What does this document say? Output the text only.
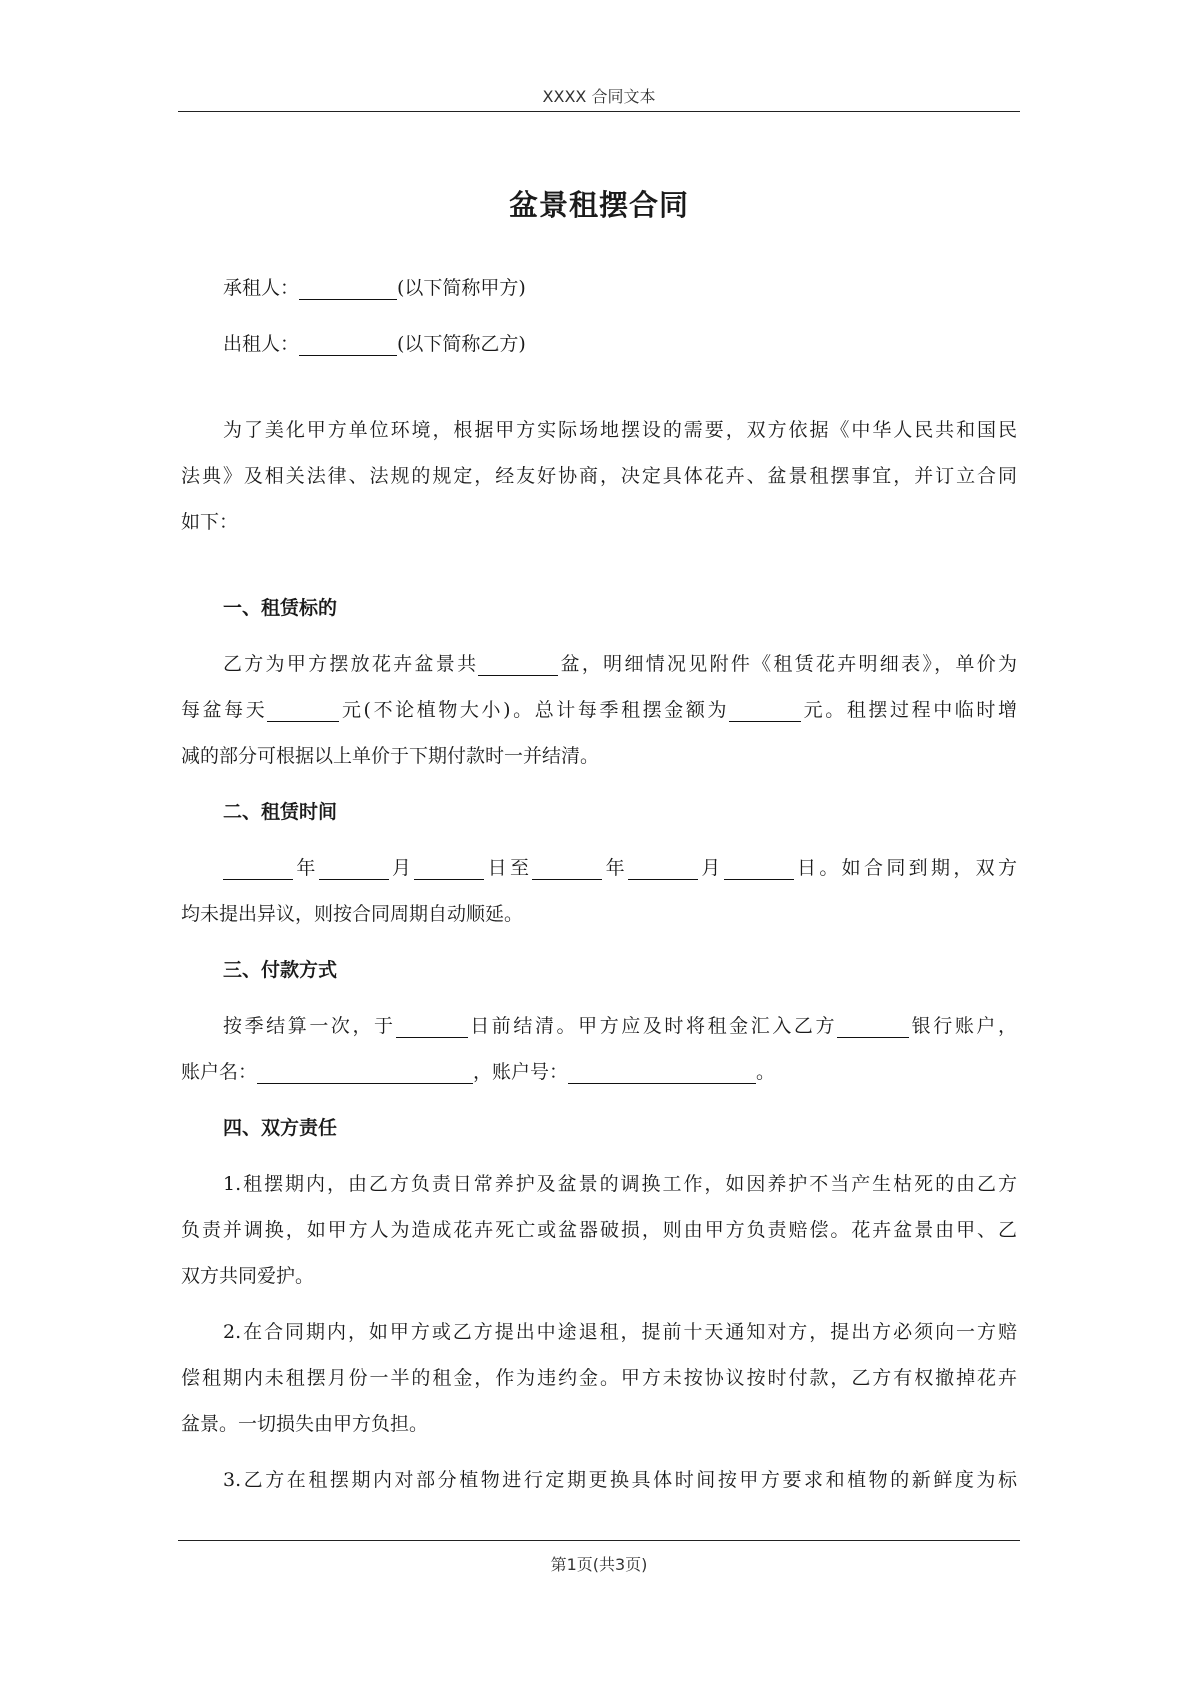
XXXX 合同文本
盆景租摆合同
承租人：	(以下简称甲方)
出租人：	(以下简称乙方)
为了美化甲方单位环境，根据甲方实际场地摆设的需要，双方依据《中华人民共和国民
法典》及相关法律、法规的规定，经友好协商，决定具体花卉、盆景租摆事宜，并订立合同
如下：
一、租赁标的
乙方为甲方摆放花卉盆景共	盆，明细情况见附件《租赁花卉明细表》，单价为
每盆每天	元(不论植物大小)。总计每季租摆金额为	元。租摆过程中临时增
减的部分可根据以上单价于下期付款时一并结清。
二、租赁时间
年	月	日至	年	月	日。如合同到期，双方
均未提出异议，则按合同周期自动顺延。
三、付款方式
按季结算一次，于	日前结清。甲方应及时将租金汇入乙方	银行账户，
账户名：	，账户号：	。
四、双方责任
1.租摆期内，由乙方负责日常养护及盆景的调换工作，如因养护不当产生枯死的由乙方
负责并调换，如甲方人为造成花卉死亡或盆器破损，则由甲方负责赔偿。花卉盆景由甲、乙
双方共同爱护。
2.在合同期内，如甲方或乙方提出中途退租，提前十天通知对方，提出方必须向一方赔
偿租期内未租摆月份一半的租金，作为违约金。甲方未按协议按时付款，乙方有权撤掉花卉
盆景。一切损失由甲方负担。
3.乙方在租摆期内对部分植物进行定期更换具体时间按甲方要求和植物的新鲜度为标
第1页(共3页)
